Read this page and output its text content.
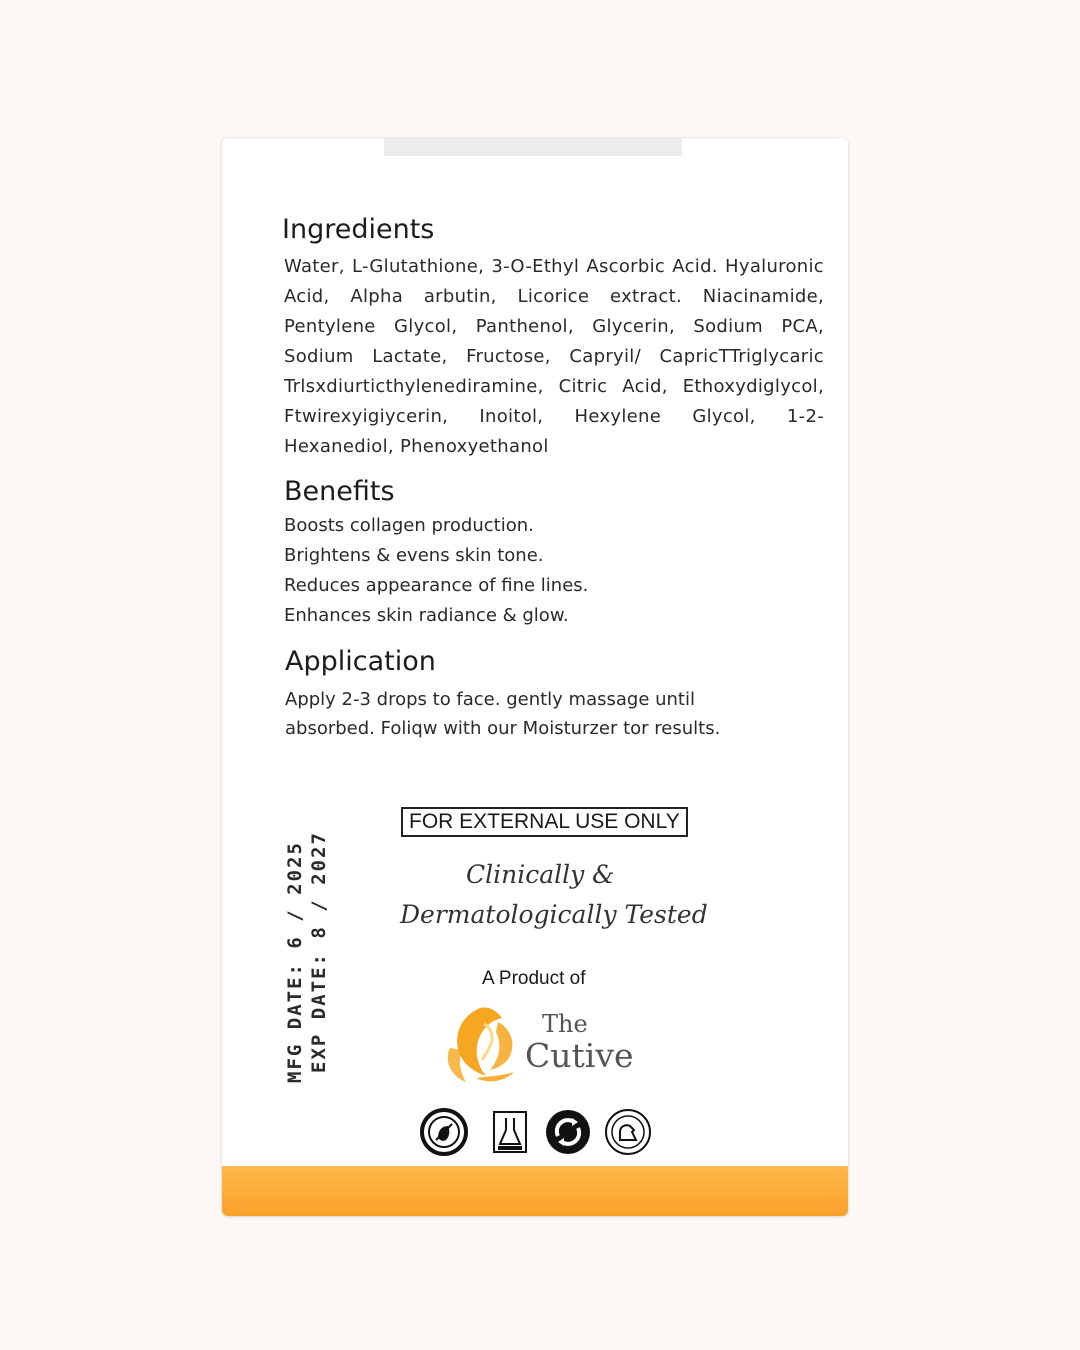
Ingredients

Water, L-Glutathione, 3-O-Ethyl Ascorbic Acid. Hyaluronic Acid, Alpha arbutin, Licorice extract. Niacinamide, Pentylene Glycol, Panthenol, Glycerin, Sodium PCA, Sodium Lactate, Fructose, Capryil/ CapricTTriglycaric Trlsxdiurticthylenediramine, Citric Acid, Ethoxydiglycol, Ftwirexyigiycerin, Inoitol, Hexylene Glycol, 1-2-Hexanediol, Phenoxyethanol

Benefits
Boosts collagen production.
Brightens & evens skin tone.
Reduces appearance of fine lines.
Enhances skin radiance & glow.
Application

Apply 2-3 drops to face. gently massage until absorbed. Foliqw with our Moisturzer tor results.

FOR EXTERNAL USE ONLY
Clinically &
Dermatologically Tested
MFG DATE: 6 / 2025 EXP DATE: 8 / 2027	A Product of
The
Cutive
